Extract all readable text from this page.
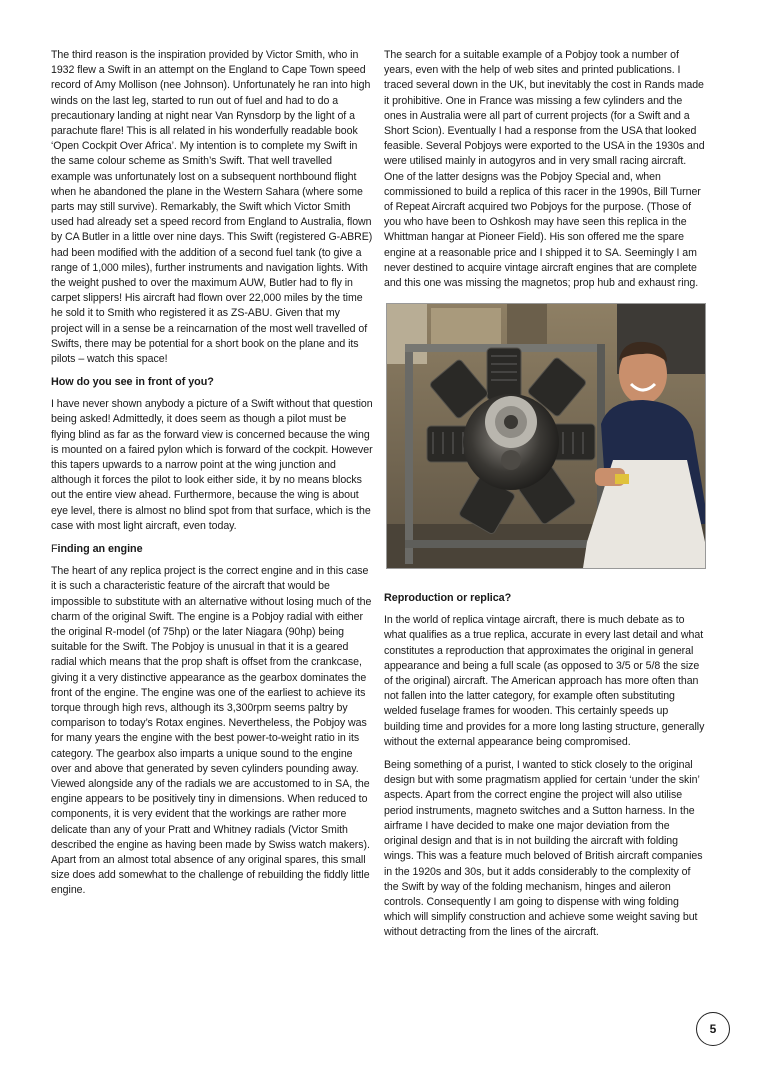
The third reason is the inspiration provided by Victor Smith, who in 1932 flew a Swift in an attempt on the England to Cape Town speed record of Amy Mollison (nee Johnson). Unfortunately he ran into high winds on the last leg, started to run out of fuel and had to do a precautionary landing at night near Van Rynsdorp by the light of a parachute flare! This is all related in his wonderfully readable book ‘Open Cockpit Over Africa’. My intention is to complete my Swift in the same colour scheme as Smith’s Swift. That well travelled example was unfortunately lost on a subsequent northbound flight when he abandoned the plane in the Western Sahara (where some parts may still survive). Remarkably, the Swift which Victor Smith used had already set a speed record from England to Australia, flown by CA Butler in a little over nine days. This Swift (registered G-ABRE) had been modified with the addition of a second fuel tank (to give a range of 1,000 miles), further instruments and navigation lights. With the weight pushed to over the maximum AUW, Butler had to fly in carpet slippers! His aircraft had flown over 22,000 miles by the time he sold it to Smith who registered it as ZS-ABU. Given that my project will in a sense be a reincarnation of the most well travelled of Swifts, there may be potential for a short book on the plane and its pilots – watch this space!

How do you see in front of you?

I have never shown anybody a picture of a Swift without that question being asked! Admittedly, it does seem as though a pilot must be flying blind as far as the forward view is concerned because the wing is mounted on a faired pylon which is forward of the cockpit. However this tapers upwards to a narrow point at the wing junction and although it forces the pilot to look either side, it by no means blocks out the entire view ahead. Furthermore, because the wing is about eye level, there is almost no blind spot from that surface, which is the case with most light aircraft, even today.

Finding an engine

The heart of any replica project is the correct engine and in this case it is such a characteristic feature of the aircraft that would be impossible to substitute with an alternative without losing much of the charm of the original Swift. The engine is a Pobjoy radial with either the original R-model (of 75hp) or the later Niagara (90hp) being suitable for the Swift. The Pobjoy is unusual in that it is a geared radial which means that the prop shaft is offset from the crankcase, giving it a very distinctive appearance as the gearbox dominates the front of the engine. The engine was one of the earliest to achieve its torque through high revs, although its 3,300rpm seems paltry by comparison to today’s Rotax engines. Nevertheless, the Pobjoy was for many years the engine with the best power-to-weight ratio in its category. The gearbox also imparts a unique sound to the engine over and above that generated by seven cylinders pounding away. Viewed alongside any of the radials we are accustomed to in SA, the engine appears to be positively tiny in dimensions. When reduced to components, it is very evident that the workings are rather more delicate than any of your Pratt and Whitney radials (Victor Smith described the engine as having been made by Swiss watch makers). Apart from an almost total absence of any original spares, this small size does add somewhat to the challenge of rebuilding the fiddly little engine.

The search for a suitable example of a Pobjoy took a number of years, even with the help of web sites and printed publications. I traced several down in the UK, but inevitably the cost in Rands made it prohibitive. One in France was missing a few cylinders and the ones in Australia were all part of current projects (for a Swift and a Short Scion). Eventually I had a response from the USA that looked feasible. Several Pobjoys were exported to the USA in the 1930s and were utilised mainly in autogyros and in very small racing aircraft. One of the latter designs was the Pobjoy Special and, when commissioned to build a replica of this racer in the 1990s, Bill Turner of Repeat Aircraft acquired two Pobjoys for the purpose. (Those of you who have been to Oshkosh may have seen this replica in the Whittman hangar at Pioneer Field). His son offered me the spare engine at a reasonable price and I shipped it to SA. Seemingly I am never destined to acquire vintage aircraft engines that are complete and this one was missing the magnetos; prop hub and exhaust ring.

Reproduction or replica?

In the world of replica vintage aircraft, there is much debate as to what qualifies as a true replica, accurate in every last detail and what constitutes a reproduction that approximates the original in general appearance and being a full scale (as opposed to 3/5 or 5/8 the size of the original) aircraft. The American approach has more often than not fallen into the latter category, for example often substituting welded fuselage frames for wooden. This certainly speeds up building time and provides for a more long lasting structure, generally without the external appearance being compromised.

Being something of a purist, I wanted to stick closely to the original design but with some pragmatism applied for certain ‘under the skin’ aspects. Apart from the correct engine the project will also utilise period instruments, magneto switches and a Sutton harness. In the airframe I have decided to make one major deviation from the original design and that is in not building the aircraft with folding wings. This was a feature much beloved of British aircraft companies in the 1920s and 30s, but it adds considerably to the complexity of the Swift by way of the folding mechanism, hinges and aileron controls. Consequently I am going to dispense with wing folding which will simplify construction and achieve some weight saving but without detracting from the lines of the aircraft.

5
